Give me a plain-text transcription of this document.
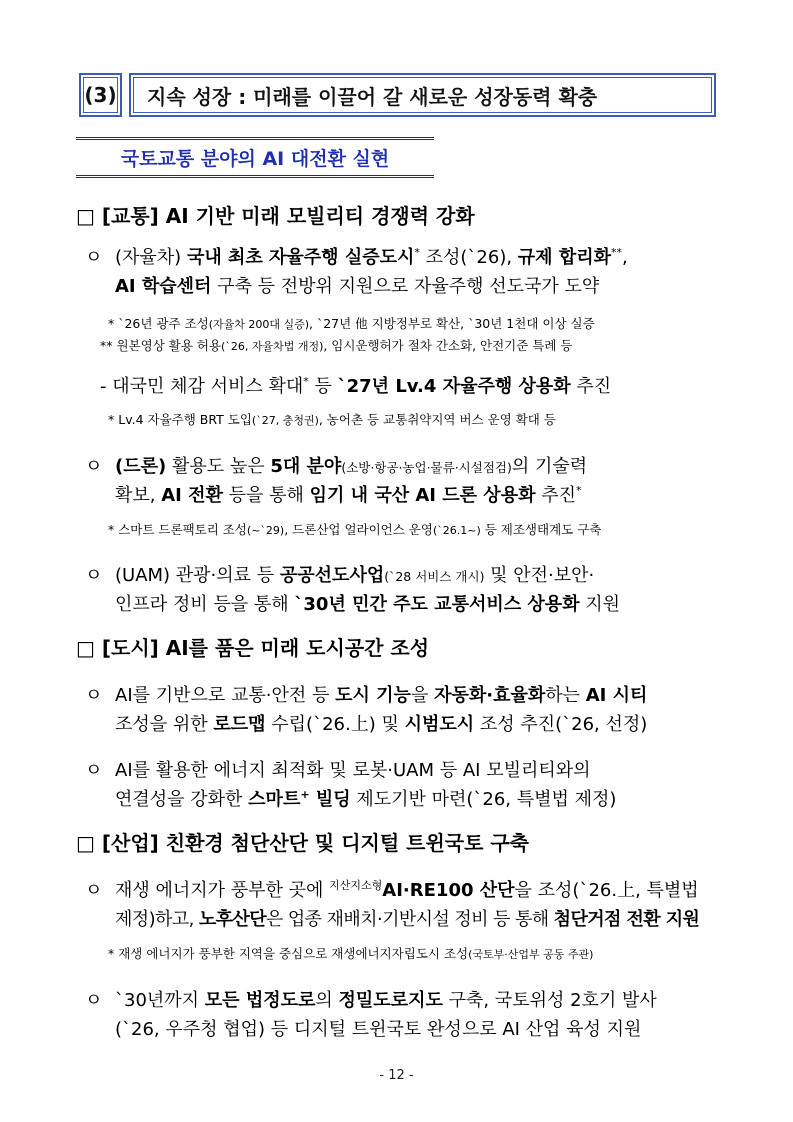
(3)	지속 성장 : 미래를 이끌어 갈 새로운 성장동력 확충
국토교통 분야의 AI 대전환 실현
□ [교통] AI 기반 미래 모빌리티 경쟁력 강화
ㅇ (자율차) 국내 최초 자율주행 실증도시* 조성(`26), 규제 합리화**,
AI 학습센터 구축 등 전방위 지원으로 자율주행 선도국가 도약
* `26년 광주 조성(자율차 200대 실증), `27년 他 지방정부로 확산, `30년 1천대 이상 실증
** 원본영상 활용 허용(`26, 자율차법 개정), 임시운행허가 절차 간소화, 안전기준 특례 등
- 대국민 체감 서비스 확대* 등 `27년 Lv.4 자율주행 상용화 추진
* Lv.4 자율주행 BRT 도입(`27, 충청권), 농어촌 등 교통취약지역 버스 운영 확대 등
ㅇ (드론) 활용도 높은 5대 분야(소방·항공·농업·물류·시설점검)의 기술력
확보, AI 전환 등을 통해 임기 내 국산 AI 드론 상용화 추진*
* 스마트 드론팩토리 조성(~`29), 드론산업 얼라이언스 운영(`26.1~) 등 제조생태계도 구축
ㅇ (UAM) 관광·의료 등 공공선도사업(`28 서비스 개시) 및 안전·보안·
인프라 정비 등을 통해 `30년 민간 주도 교통서비스 상용화 지원
□ [도시] AI를 품은 미래 도시공간 조성
ㅇ AI를 기반으로 교통·안전 등 도시 기능을 자동화·효율화하는 AI 시티
조성을 위한 로드맵 수립(`26.上) 및 시범도시 조성 추진(`26, 선정)
ㅇ AI를 활용한 에너지 최적화 및 로봇·UAM 등 AI 모빌리티와의
연결성을 강화한 스마트+ 빌딩 제도기반 마련(`26, 특별법 제정)
□ [산업] 친환경 첨단산단 및 디지털 트윈국토 구축
ㅇ 재생 에너지가 풍부한 곳에 $^{지산지소형}$AI·RE100 산단을 조성(`26.上, 특별법
제정)하고, 노후산단은 업종 재배치·기반시설 정비 등 통해 첨단거점 전환 지원
* 재생 에너지가 풍부한 지역을 중심으로 재생에너지자립도시 조성(국토부·산업부 공동 주관)
ㅇ `30년까지 모든 법정도로의 정밀도로지도 구축, 국토위성 2호기 발사
(`26, 우주청 협업) 등 디지털 트윈국토 완성으로 AI 산업 육성 지원
- 12 -
